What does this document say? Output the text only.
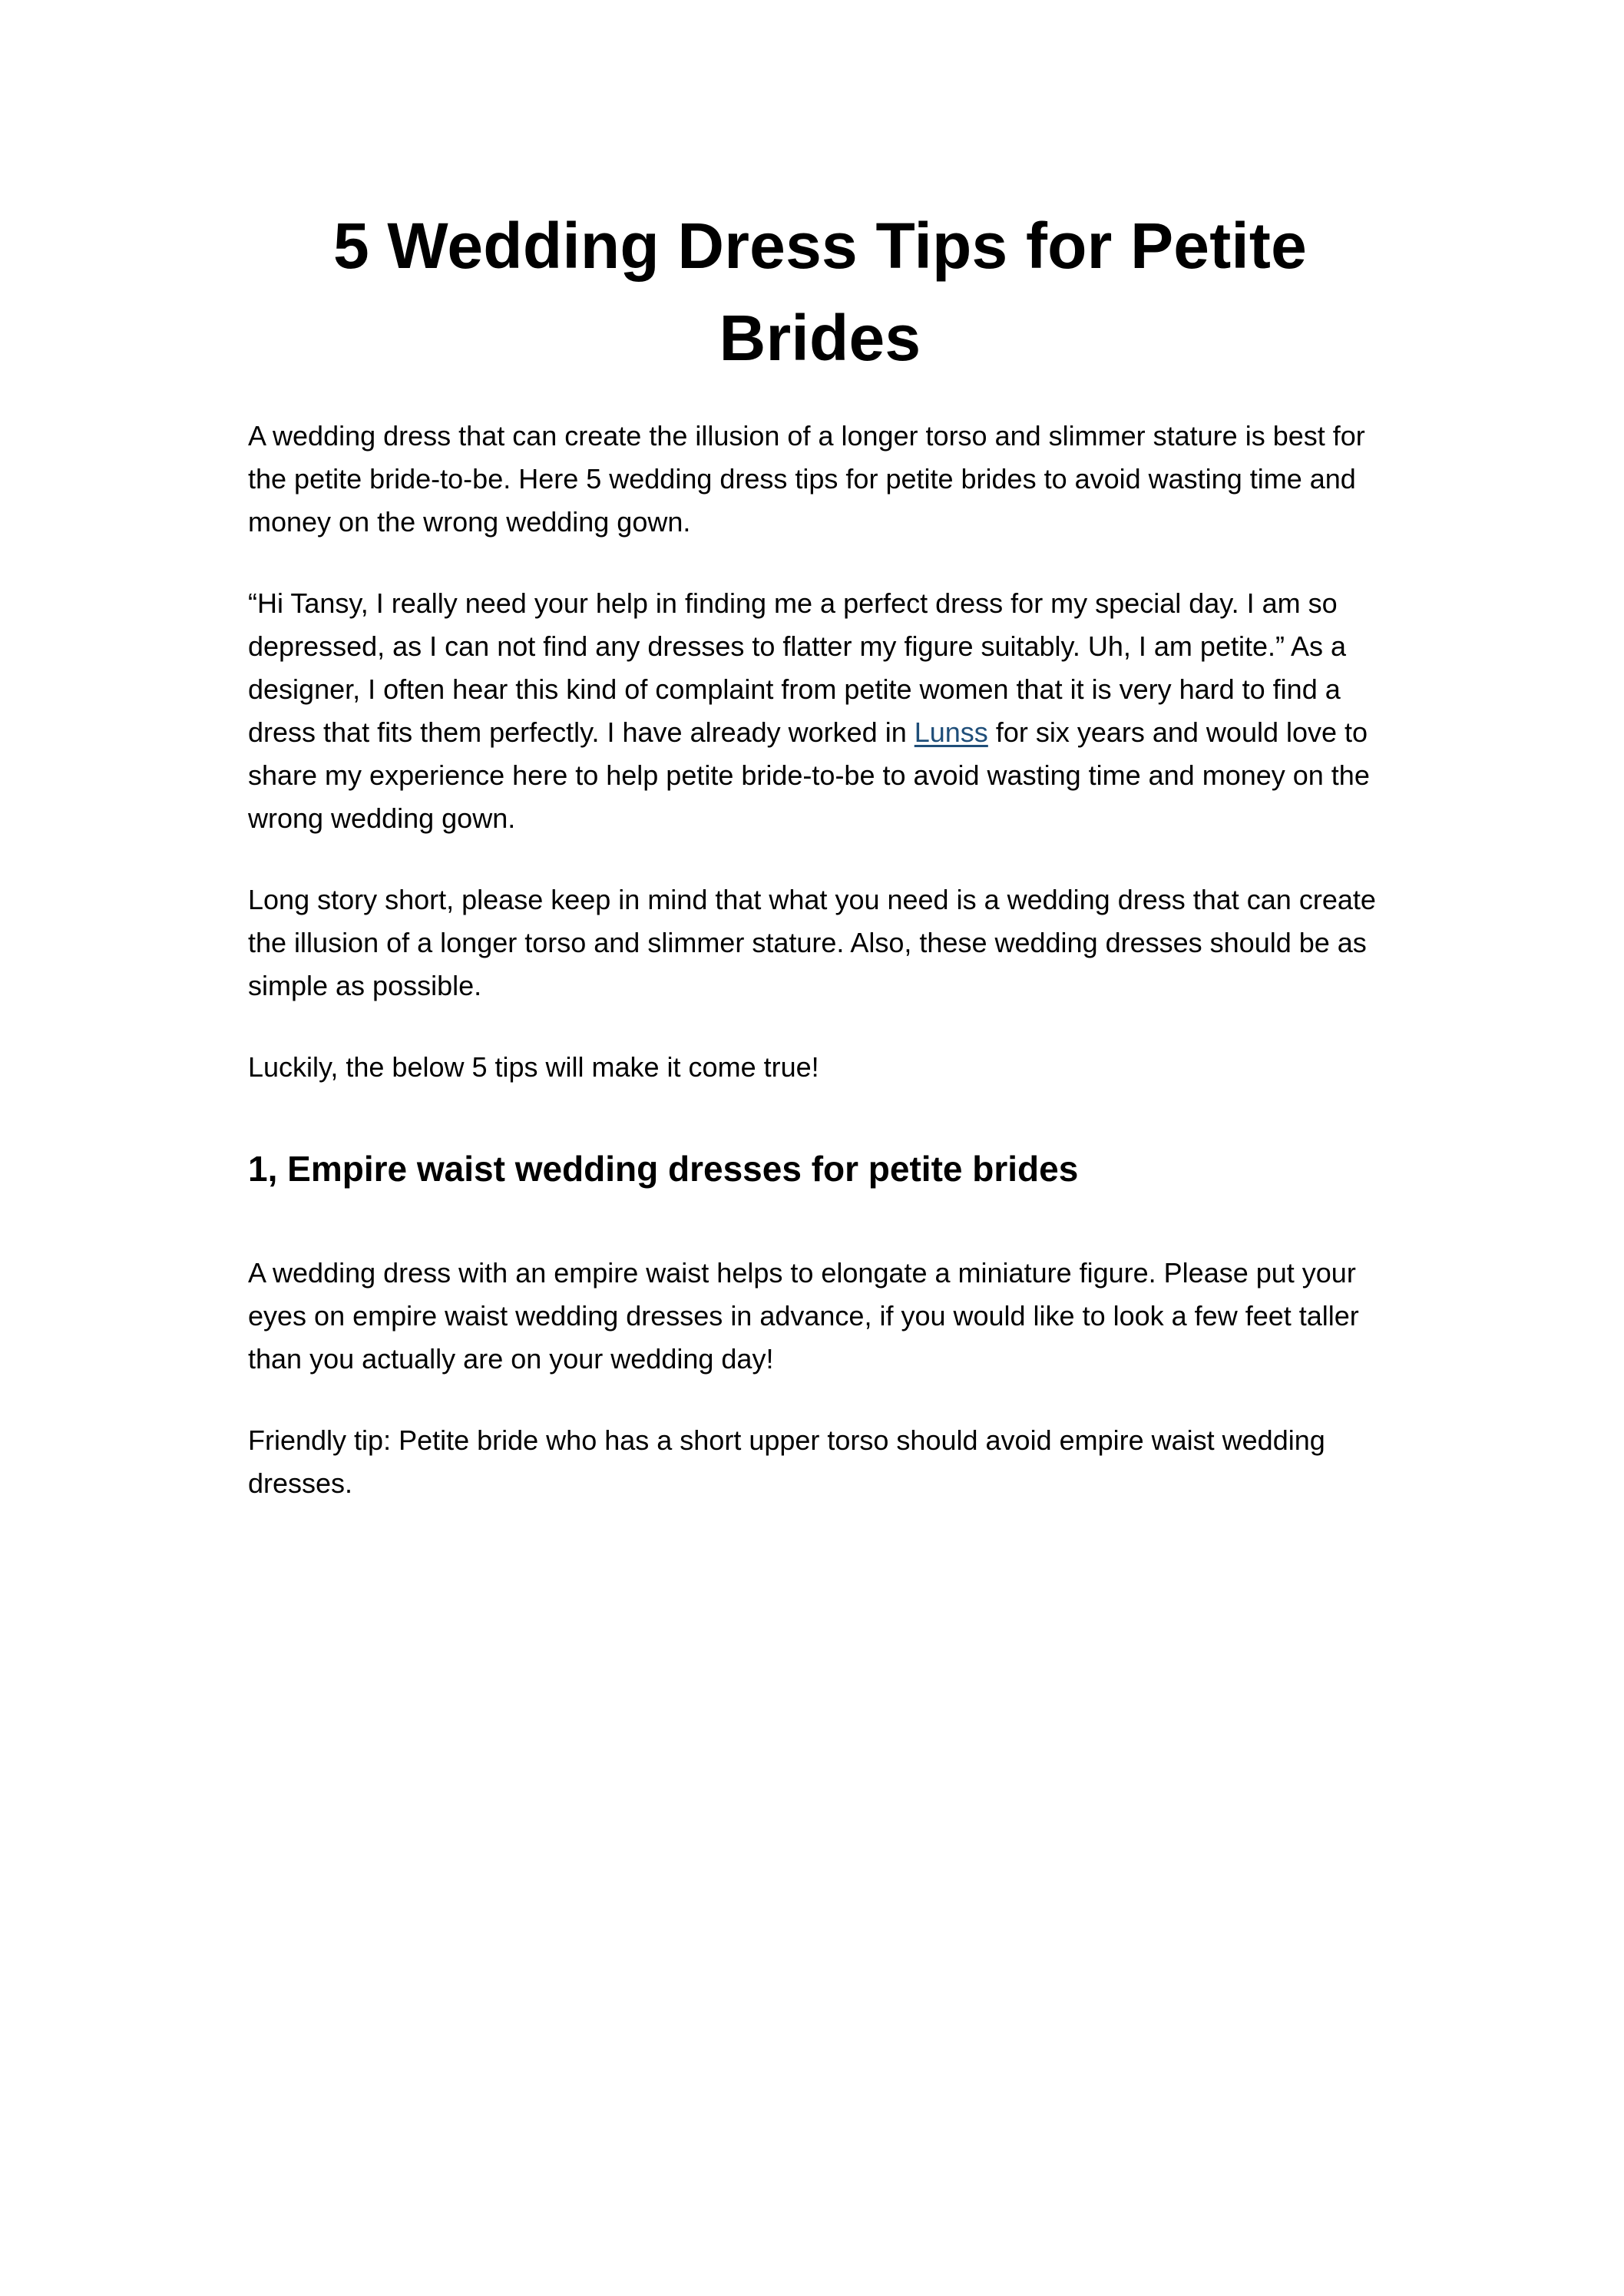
5 Wedding Dress Tips for Petite Brides

A wedding dress that can create the illusion of a longer torso and slimmer stature is best for the petite bride-to-be. Here 5 wedding dress tips for petite brides to avoid wasting time and money on the wrong wedding gown.

“Hi Tansy, I really need your help in finding me a perfect dress for my special day. I am so depressed, as I can not find any dresses to flatter my figure suitably. Uh, I am petite.” As a designer, I often hear this kind of complaint from petite women that it is very hard to find a dress that fits them perfectly. I have already worked in Lunss for six years and would love to share my experience here to help petite bride-to-be to avoid wasting time and money on the wrong wedding gown.

Long story short, please keep in mind that what you need is a wedding dress that can create the illusion of a longer torso and slimmer stature. Also, these wedding dresses should be as simple as possible.

Luckily, the below 5 tips will make it come true!

1, Empire waist wedding dresses for petite brides

A wedding dress with an empire waist helps to elongate a miniature figure. Please put your eyes on empire waist wedding dresses in advance, if you would like to look a few feet taller than you actually are on your wedding day!

Friendly tip: Petite bride who has a short upper torso should avoid empire waist wedding dresses.
